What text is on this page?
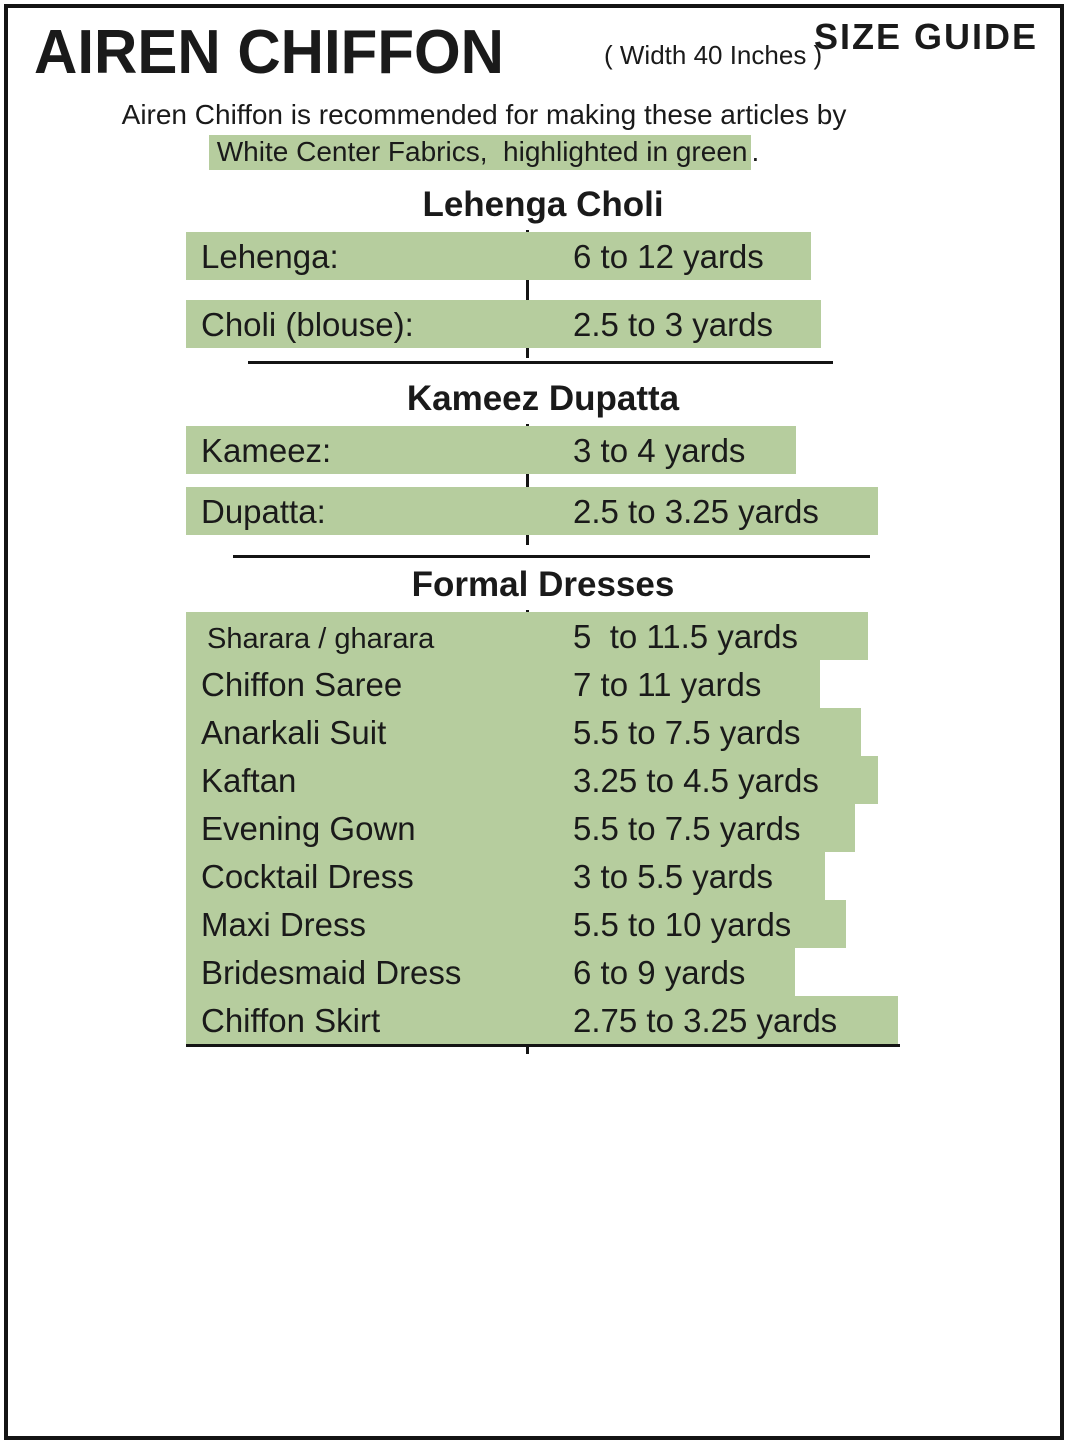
AIREN CHIFFON	( Width 40 Inches )
SIZE GUIDE
Airen Chiffon is recommended for making these articles by
White Center Fabrics,  highlighted in green .
Lehenga Choli
Lehenga:	6 to 12 yards
Choli (blouse):	2.5 to 3 yards
Kameez Dupatta
Kameez:	3 to 4 yards
Dupatta:	2.5 to 3.25 yards
Formal Dresses
Sharara / gharara	5  to 11.5 yards
Chiffon Saree	7 to 11 yards
Anarkali Suit	5.5 to 7.5 yards
Kaftan	3.25 to 4.5 yards
Evening Gown	5.5 to 7.5 yards
Cocktail Dress	3 to 5.5 yards
Maxi Dress	5.5 to 10 yards
Bridesmaid Dress	6 to 9 yards
Chiffon Skirt	2.75 to 3.25 yards
